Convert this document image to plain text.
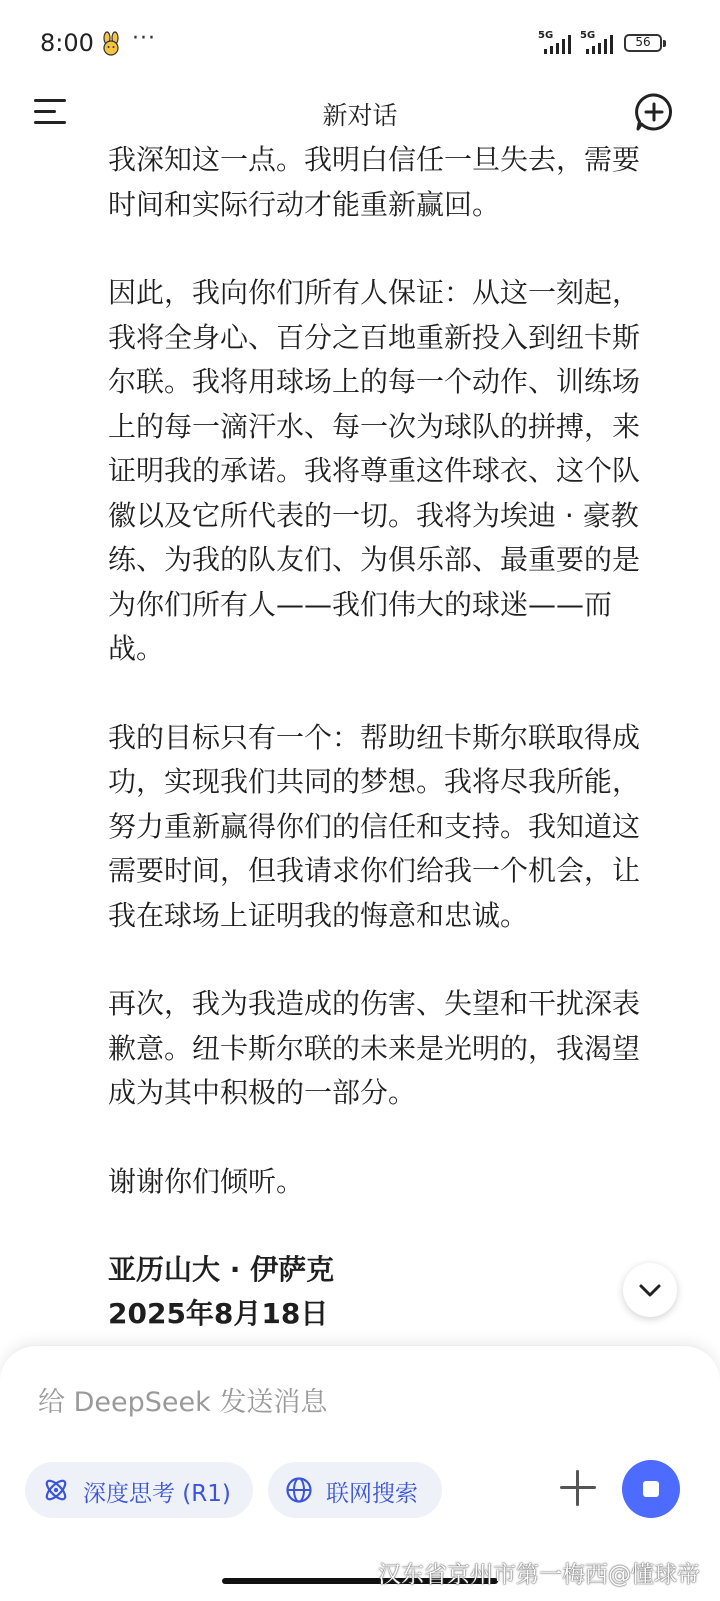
8:00 ···	5G	5G	56
我深知这一点。我明白信任一旦失去，需要
时间和实际行动才能重新赢回。
因此，我向你们所有人保证：从这一刻起，
我将全身心、百分之百地重新投入到纽卡斯
尔联。我将用球场上的每一个动作、训练场
上的每一滴汗水、每一次为球队的拼搏，来
证明我的承诺。我将尊重这件球衣、这个队
徽以及它所代表的一切。我将为埃迪 · 豪教
练、为我的队友们、为俱乐部、最重要的是
为你们所有人——我们伟大的球迷——而
战。
我的目标只有一个：帮助纽卡斯尔联取得成
功，实现我们共同的梦想。我将尽我所能，
努力重新赢得你们的信任和支持。我知道这
需要时间，但我请求你们给我一个机会，让
我在球场上证明我的悔意和忠诚。
再次，我为我造成的伤害、失望和干扰深表
歉意。纽卡斯尔联的未来是光明的，我渴望
成为其中积极的一部分。
谢谢你们倾听。
亚历山大 · 伊萨克
2025年8月18日
新对话
给 DeepSeek 发送消息
深度思考 (R1)	联网搜索
汉东省京州市第一梅西@懂球帝
